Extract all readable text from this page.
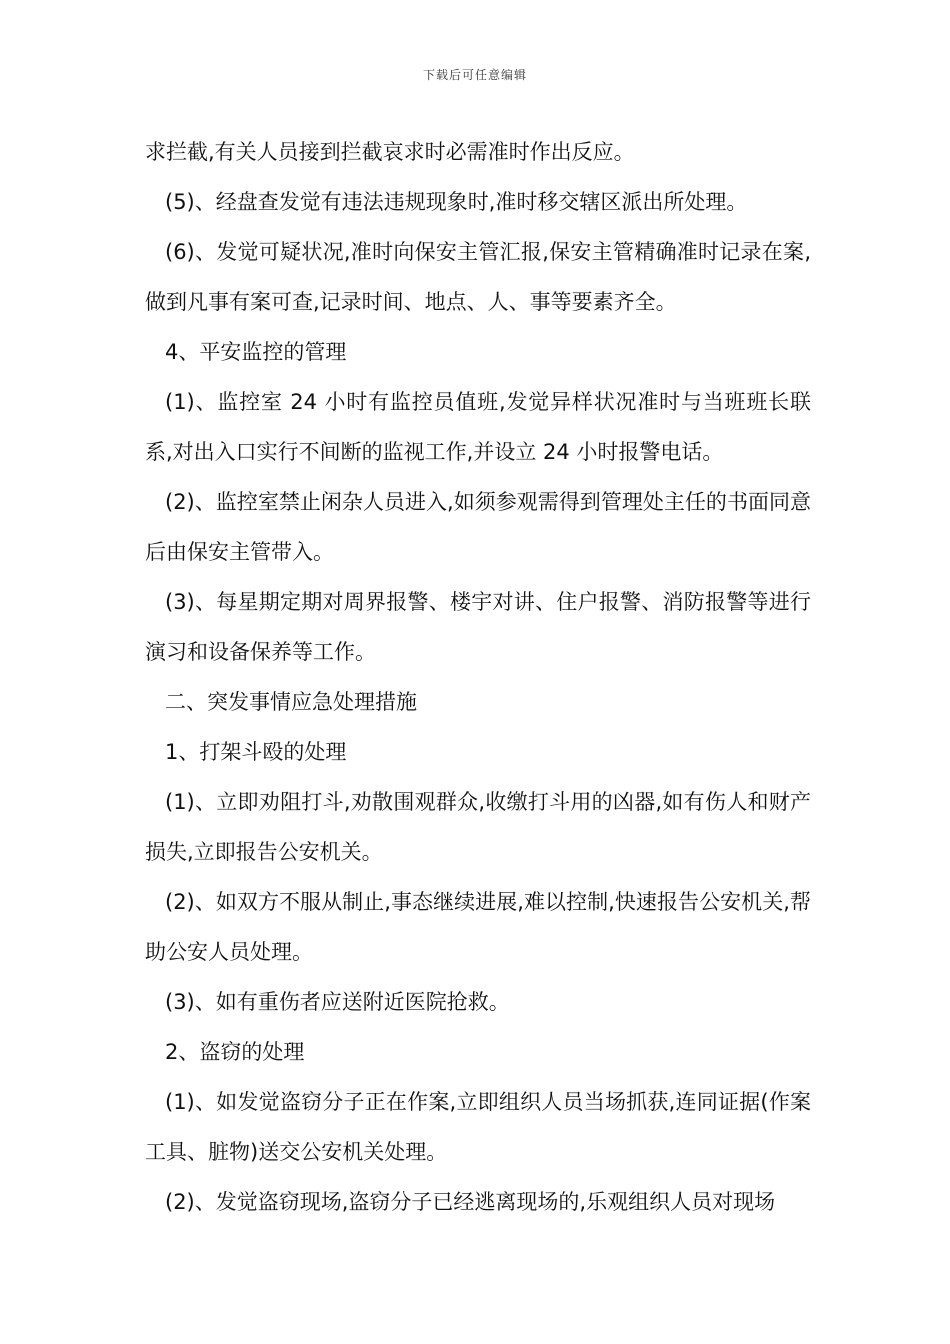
下载后可任意编辑

求拦截,有关人员接到拦截哀求时必需准时作出反应。

(5)、经盘查发觉有违法违规现象时,准时移交辖区派出所处理。

(6)、发觉可疑状况,准时向保安主管汇报,保安主管精确准时记录在案,做到凡事有案可查,记录时间、地点、人、事等要素齐全。

4、平安监控的管理

(1)、监控室 24 小时有监控员值班,发觉异样状况准时与当班班长联系,对出入口实行不间断的监视工作,并设立 24 小时报警电话。

(2)、监控室禁止闲杂人员进入,如须参观需得到管理处主任的书面同意后由保安主管带入。

(3)、每星期定期对周界报警、楼宇对讲、住户报警、消防报警等进行演习和设备保养等工作。

二、突发事情应急处理措施

1、打架斗殴的处理

(1)、立即劝阻打斗,劝散围观群众,收缴打斗用的凶器,如有伤人和财产损失,立即报告公安机关。

(2)、如双方不服从制止,事态继续进展,难以控制,快速报告公安机关,帮助公安人员处理。

(3)、如有重伤者应送附近医院抢救。

2、盗窃的处理

(1)、如发觉盗窃分子正在作案,立即组织人员当场抓获,连同证据(作案工具、脏物)送交公安机关处理。

(2)、发觉盗窃现场,盗窃分子已经逃离现场的,乐观组织人员对现场
